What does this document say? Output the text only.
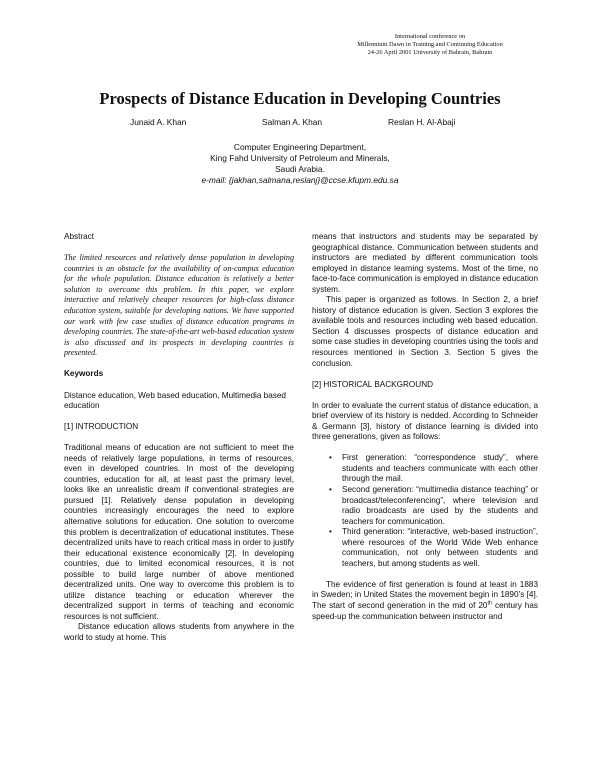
International conference on
Millennium Dawn in Training and Continuing Education
24-26 April 2001 University of Bahrain, Bahrain
Prospects of Distance Education in Developing Countries
Junaid A. Khan	Salman A. Khan	Reslan H. Al-Abaji
Computer Engineering Department,
King Fahd University of Petroleum and Minerals,
Saudi Arabia.
e-mail: {jakhan,salmana,reslanj}@ccse.kfupm.edu.sa
Abstract

The limited resources and relatively dense population in developing countries is an obstacle for the availability of on-campus education for the whole population. Distance education is relatively a better solution to overcome this problem. In this paper, we explore interactive and relatively cheaper resources for high-class distance education system, suitable for developing nations. We have supported our work with few case studies of distance education programs in developing countries. The state-of-the-art web-based education system is also discussed and its prospects in developing countries is presented.

Keywords

Distance education, Web based education, Multimedia based education

[1] INTRODUCTION

Traditional means of education are not sufficient to meet the needs of relatively large populations, in terms of resources, even in developed countries. In most of the developing countries, education for all, at least past the primary level, looks like an unrealistic dream if conventional strategies are pursued [1]. Relatively dense population in developing countries increasingly encourages the need to explore alternative solutions for education. One solution to overcome this problem is decentralization of educational institutes. These decentralized units have to reach critical mass in order to justify their educational existence economically [2]. In developing countries, due to limited economical resources, it is not possible to build large number of above mentioned decentralized units. One way to overcome this problem is to utilize distance teaching or education wherever the decentralized support in terms of teaching and economic resources is not sufficient.

Distance education allows students from anywhere in the world to study at home. This

means that instructors and students may be separated by geographical distance. Communication between students and instructors are mediated by different communication tools employed in distance learning systems. Most of the time, no face-to-face communication is employed in distance education system.

This paper is organized as follows. In Section 2, a brief history of distance education is given. Section 3 explores the available tools and resources including web based education. Section 4 discusses prospects of distance education and some case studies in developing countries using the tools and resources mentioned in Section 3. Section 5 gives the conclusion.

[2] HISTORICAL BACKGROUND

In order to evaluate the current status of distance education, a brief overview of its history is nedded. According to Schneider & Germann [3], history of distance learning is divided into three generations, given as follows:

• First generation: “correspondence study”, where students and teachers communicate with each other through the mail.
• Second generation: “multimedia distance teaching” or broadcast/teleconferencing”, where television and radio broadcasts are used by the students and teachers for communication.
• Third generation: “interactive, web-based instruction”, where resources of the World Wide Web enhance communication, not only between students and teachers, but among students as well.

The evidence of first generation is found at least in 1883 in Sweden; in United States the movement begin in 1890’s [4]. The start of second generation in the mid of 20th century has speed-up the communication between instructor and
